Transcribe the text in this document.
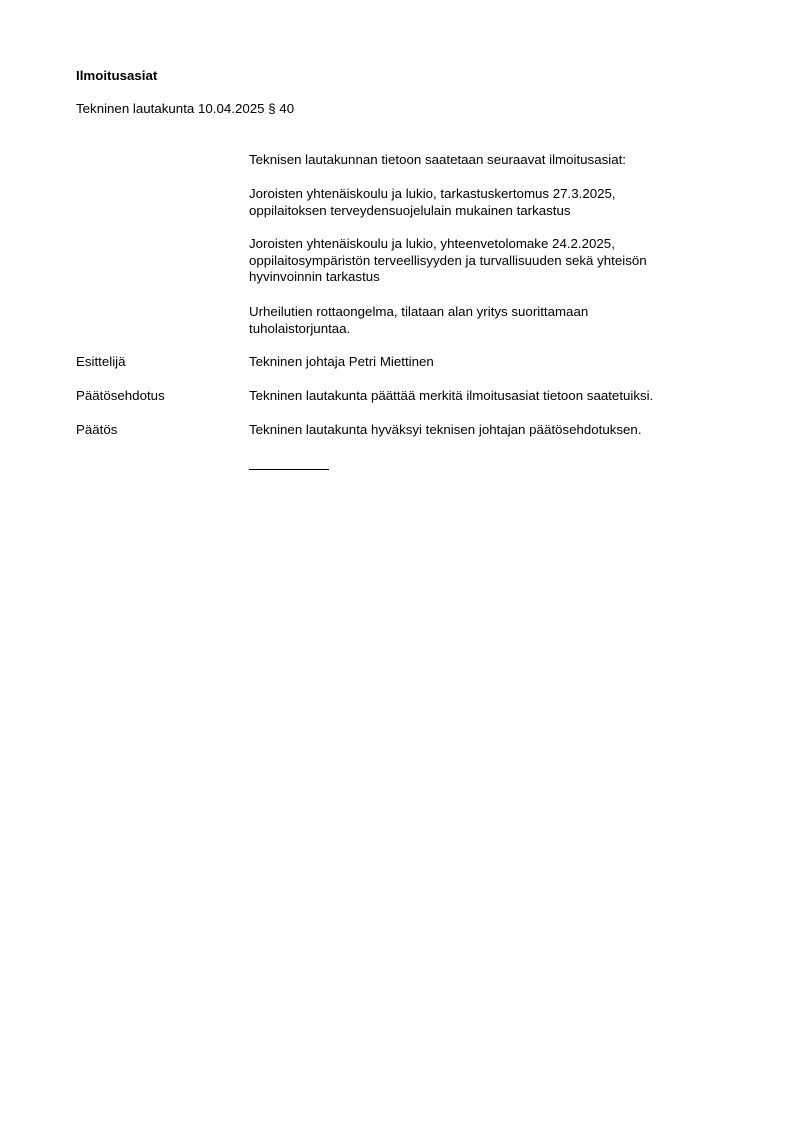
Ilmoitusasiat
Tekninen lautakunta 10.04.2025 § 40

Teknisen lautakunnan tietoon saatetaan seuraavat ilmoitusasiat:

Joroisten yhtenäiskoulu ja lukio, tarkastuskertomus 27.3.2025,

oppilaitoksen terveydensuojelulain mukainen tarkastus

Joroisten yhtenäiskoulu ja lukio, yhteenvetolomake 24.2.2025,

oppilaitosympäristön terveellisyyden ja turvallisuuden sekä yhteisön

hyvinvoinnin tarkastus

Urheilutien rottaongelma, tilataan alan yritys suorittamaan

tuholaistorjuntaa.

Esittelijä	Tekninen johtaja Petri Miettinen
Päätösehdotus	Tekninen lautakunta päättää merkitä ilmoitusasiat tietoon saatetuiksi.
Päätös	Tekninen lautakunta hyväksyi teknisen johtajan päätösehdotuksen.
